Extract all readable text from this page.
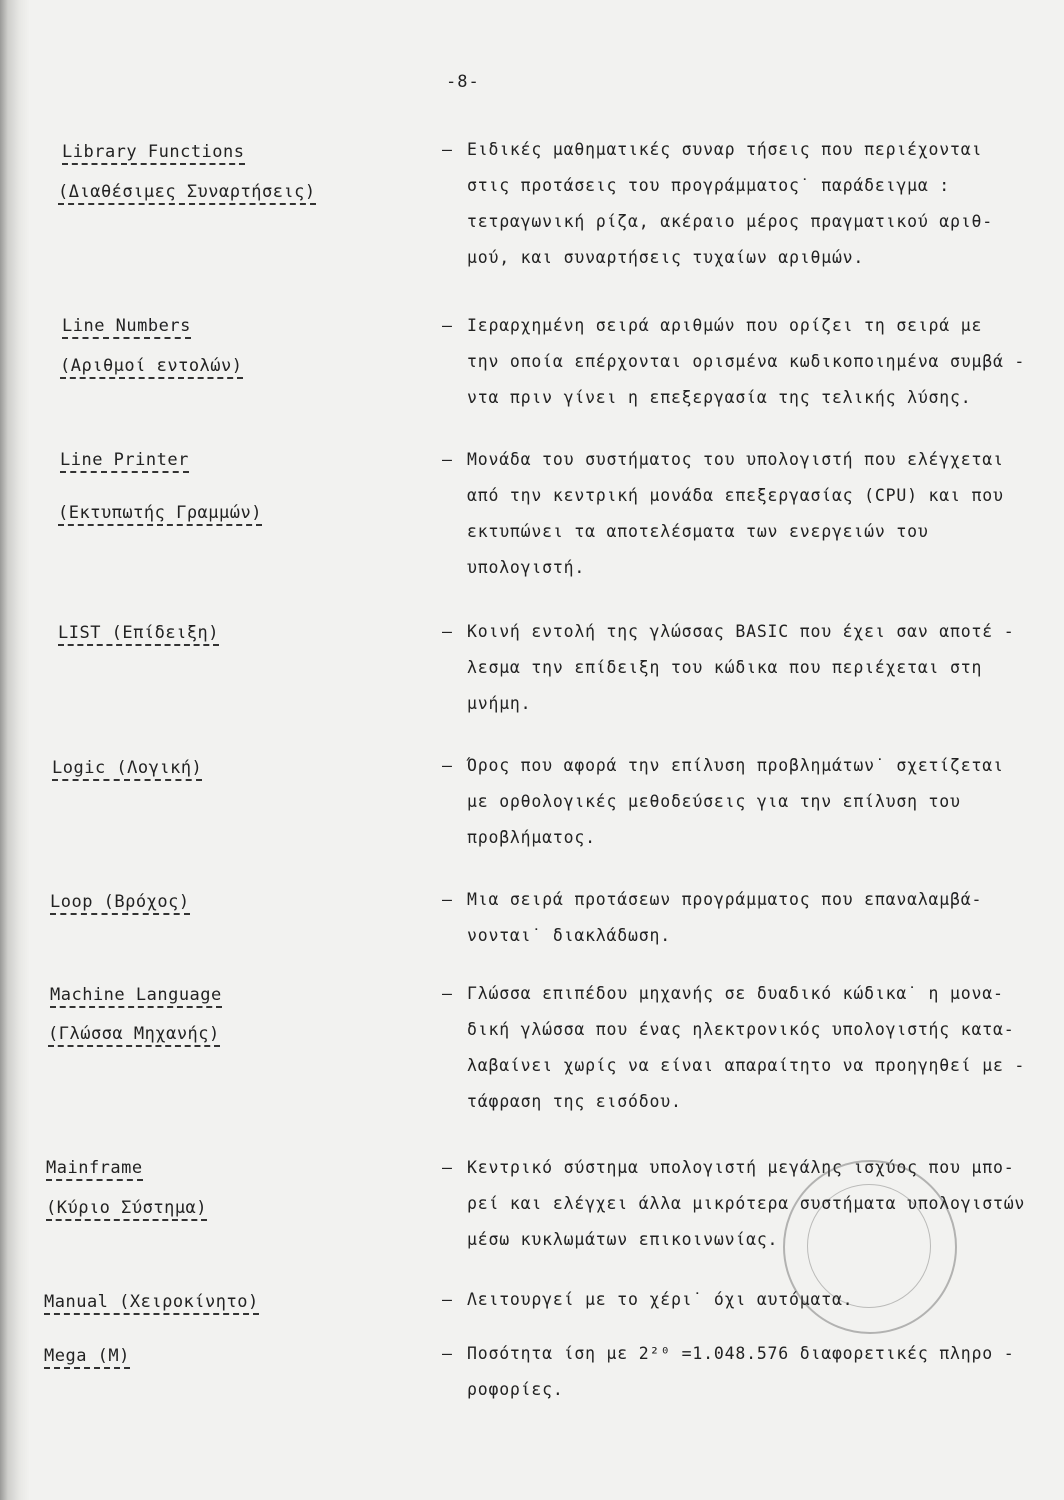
-8-
Library Functions
(Διαθέσιμες Συναρτήσεις)
– Ειδικές μαθηματικές συναρ τήσεις που περιέχονται
στις προτάσεις του προγράμματος˙ παράδειγμα :
τετραγωνική ρίζα, ακέραιο μέρος πραγματικού αριθ-
μού, και συναρτήσεις τυχαίων αριθμών.
Line Numbers
(Αριθμοί εντολών)
– Ιεραρχημένη σειρά αριθμών που ορίζει τη σειρά με
την οποία επέρχονται ορισμένα κωδικοποιημένα συμβά -
ντα πριν γίνει η επεξεργασία της τελικής λύσης.
Line Printer
(Εκτυπωτής Γραμμών)
– Μονάδα του συστήματος του υπολογιστή που ελέγχεται
από την κεντρική μονάδα επεξεργασίας (CPU) και που
εκτυπώνει τα αποτελέσματα των ενεργειών του
υπολογιστή.
LIST (Επίδειξη)	– Κοινή εντολή της γλώσσας BASIC που έχει σαν αποτέ -
λεσμα την επίδειξη του κώδικα που περιέχεται στη
μνήμη.
Logic (Λογική)	– Όρος που αφορά την επίλυση προβλημάτων˙ σχετίζεται
με ορθολογικές μεθοδεύσεις για την επίλυση του
προβλήματος.
Loop (Βρόχος)	– Μια σειρά προτάσεων προγράμματος που επαναλαμβά-
νονται˙ διακλάδωση.
Machine Language
(Γλώσσα Μηχανής)
– Γλώσσα επιπέδου μηχανής σε δυαδικό κώδικα˙ η μονα-
δική γλώσσα που ένας ηλεκτρονικός υπολογιστής κατα-
λαβαίνει χωρίς να είναι απαραίτητο να προηγηθεί με -
τάφραση της εισόδου.
Mainframe
(Κύριο Σύστημα)
– Κεντρικό σύστημα υπολογιστή μεγάλης ισχύος που μπο-
ρεί και ελέγχει άλλα μικρότερα συστήματα υπολογιστών
μέσω κυκλωμάτων επικοινωνίας.
Manual (Χειροκίνητο)	– Λειτουργεί με το χέρι˙ όχι αυτόματα.
Mega (M)	– Ποσότητα ίση με 2²⁰ =1.048.576 διαφορετικές πληρο -
ροφορίες.
